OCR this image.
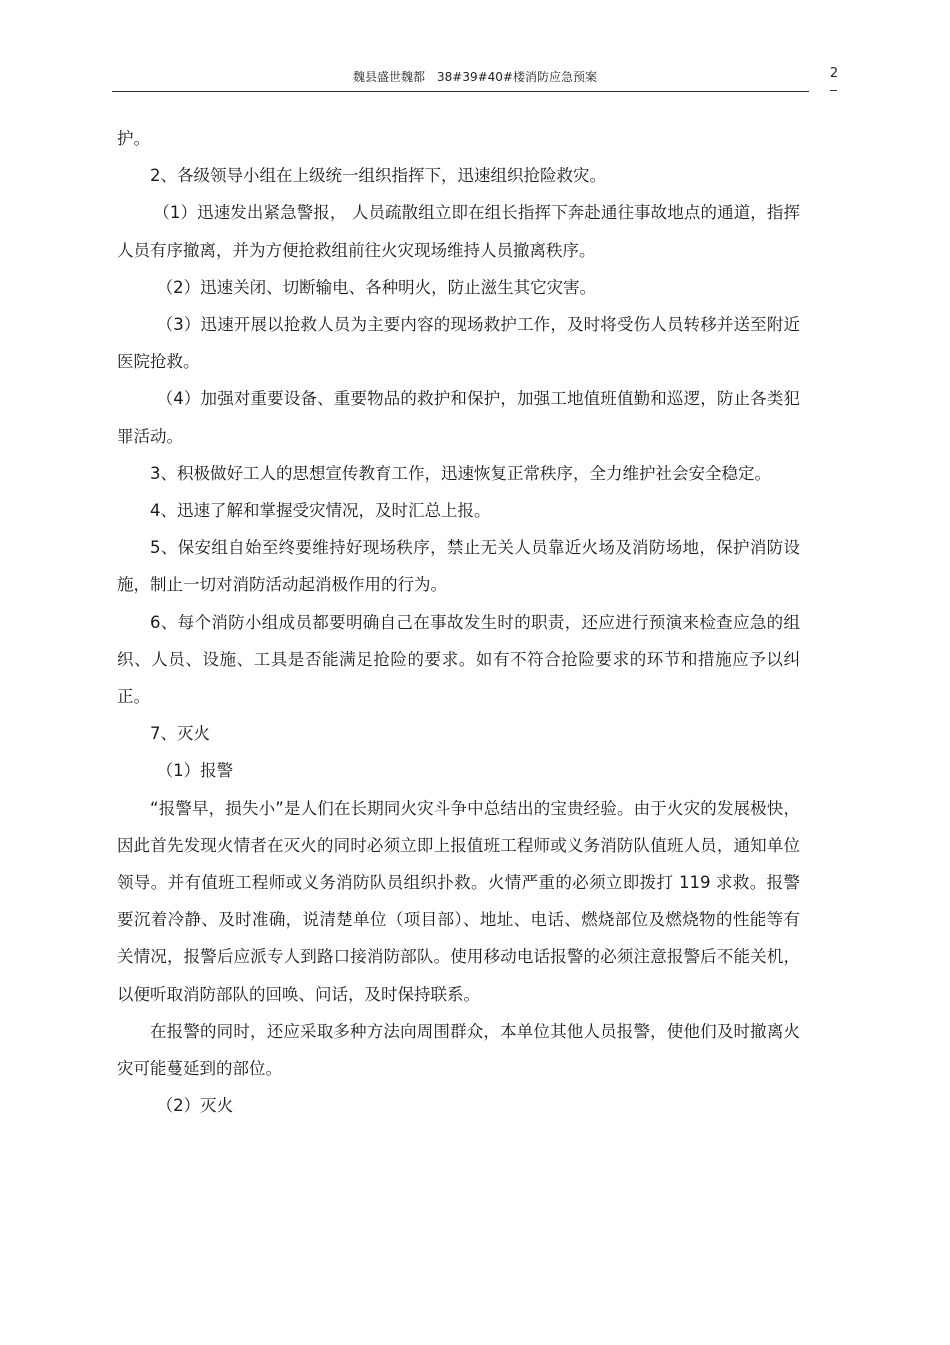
魏县盛世魏都　38#39#40#楼消防应急预案	2

护。

2、各级领导小组在上级统一组织指挥下，迅速组织抢险救灾。

（1）迅速发出紧急警报， 人员疏散组立即在组长指挥下奔赴通往事故地点的通道，指挥人员有序撤离，并为方便抢救组前往火灾现场维持人员撤离秩序。

（2）迅速关闭、切断输电、各种明火，防止滋生其它灾害。

（3）迅速开展以抢救人员为主要内容的现场救护工作，及时将受伤人员转移并送至附近医院抢救。

（4）加强对重要设备、重要物品的救护和保护，加强工地值班值勤和巡逻，防止各类犯罪活动。

3、积极做好工人的思想宣传教育工作，迅速恢复正常秩序，全力维护社会安全稳定。

4、迅速了解和掌握受灾情况，及时汇总上报。

5、保安组自始至终要维持好现场秩序，禁止无关人员靠近火场及消防场地，保护消防设施，制止一切对消防活动起消极作用的行为。

6、每个消防小组成员都要明确自己在事故发生时的职责，还应进行预演来检查应急的组织、人员、设施、工具是否能满足抢险的要求。如有不符合抢险要求的环节和措施应予以纠正。

7、灭火

（1）报警

“报警早，损失小”是人们在长期同火灾斗争中总结出的宝贵经验。由于火灾的发展极快，因此首先发现火情者在灭火的同时必须立即上报值班工程师或义务消防队值班人员，通知单位领导。并有值班工程师或义务消防队员组织扑救。火情严重的必须立即拨打 119 求救。报警要沉着冷静、及时准确，说清楚单位（项目部）、地址、电话、燃烧部位及燃烧物的性能等有关情况，报警后应派专人到路口接消防部队。使用移动电话报警的必须注意报警后不能关机，以便听取消防部队的回唤、问话，及时保持联系。

在报警的同时，还应采取多种方法向周围群众，本单位其他人员报警，使他们及时撤离火灾可能蔓延到的部位。

（2）灭火
